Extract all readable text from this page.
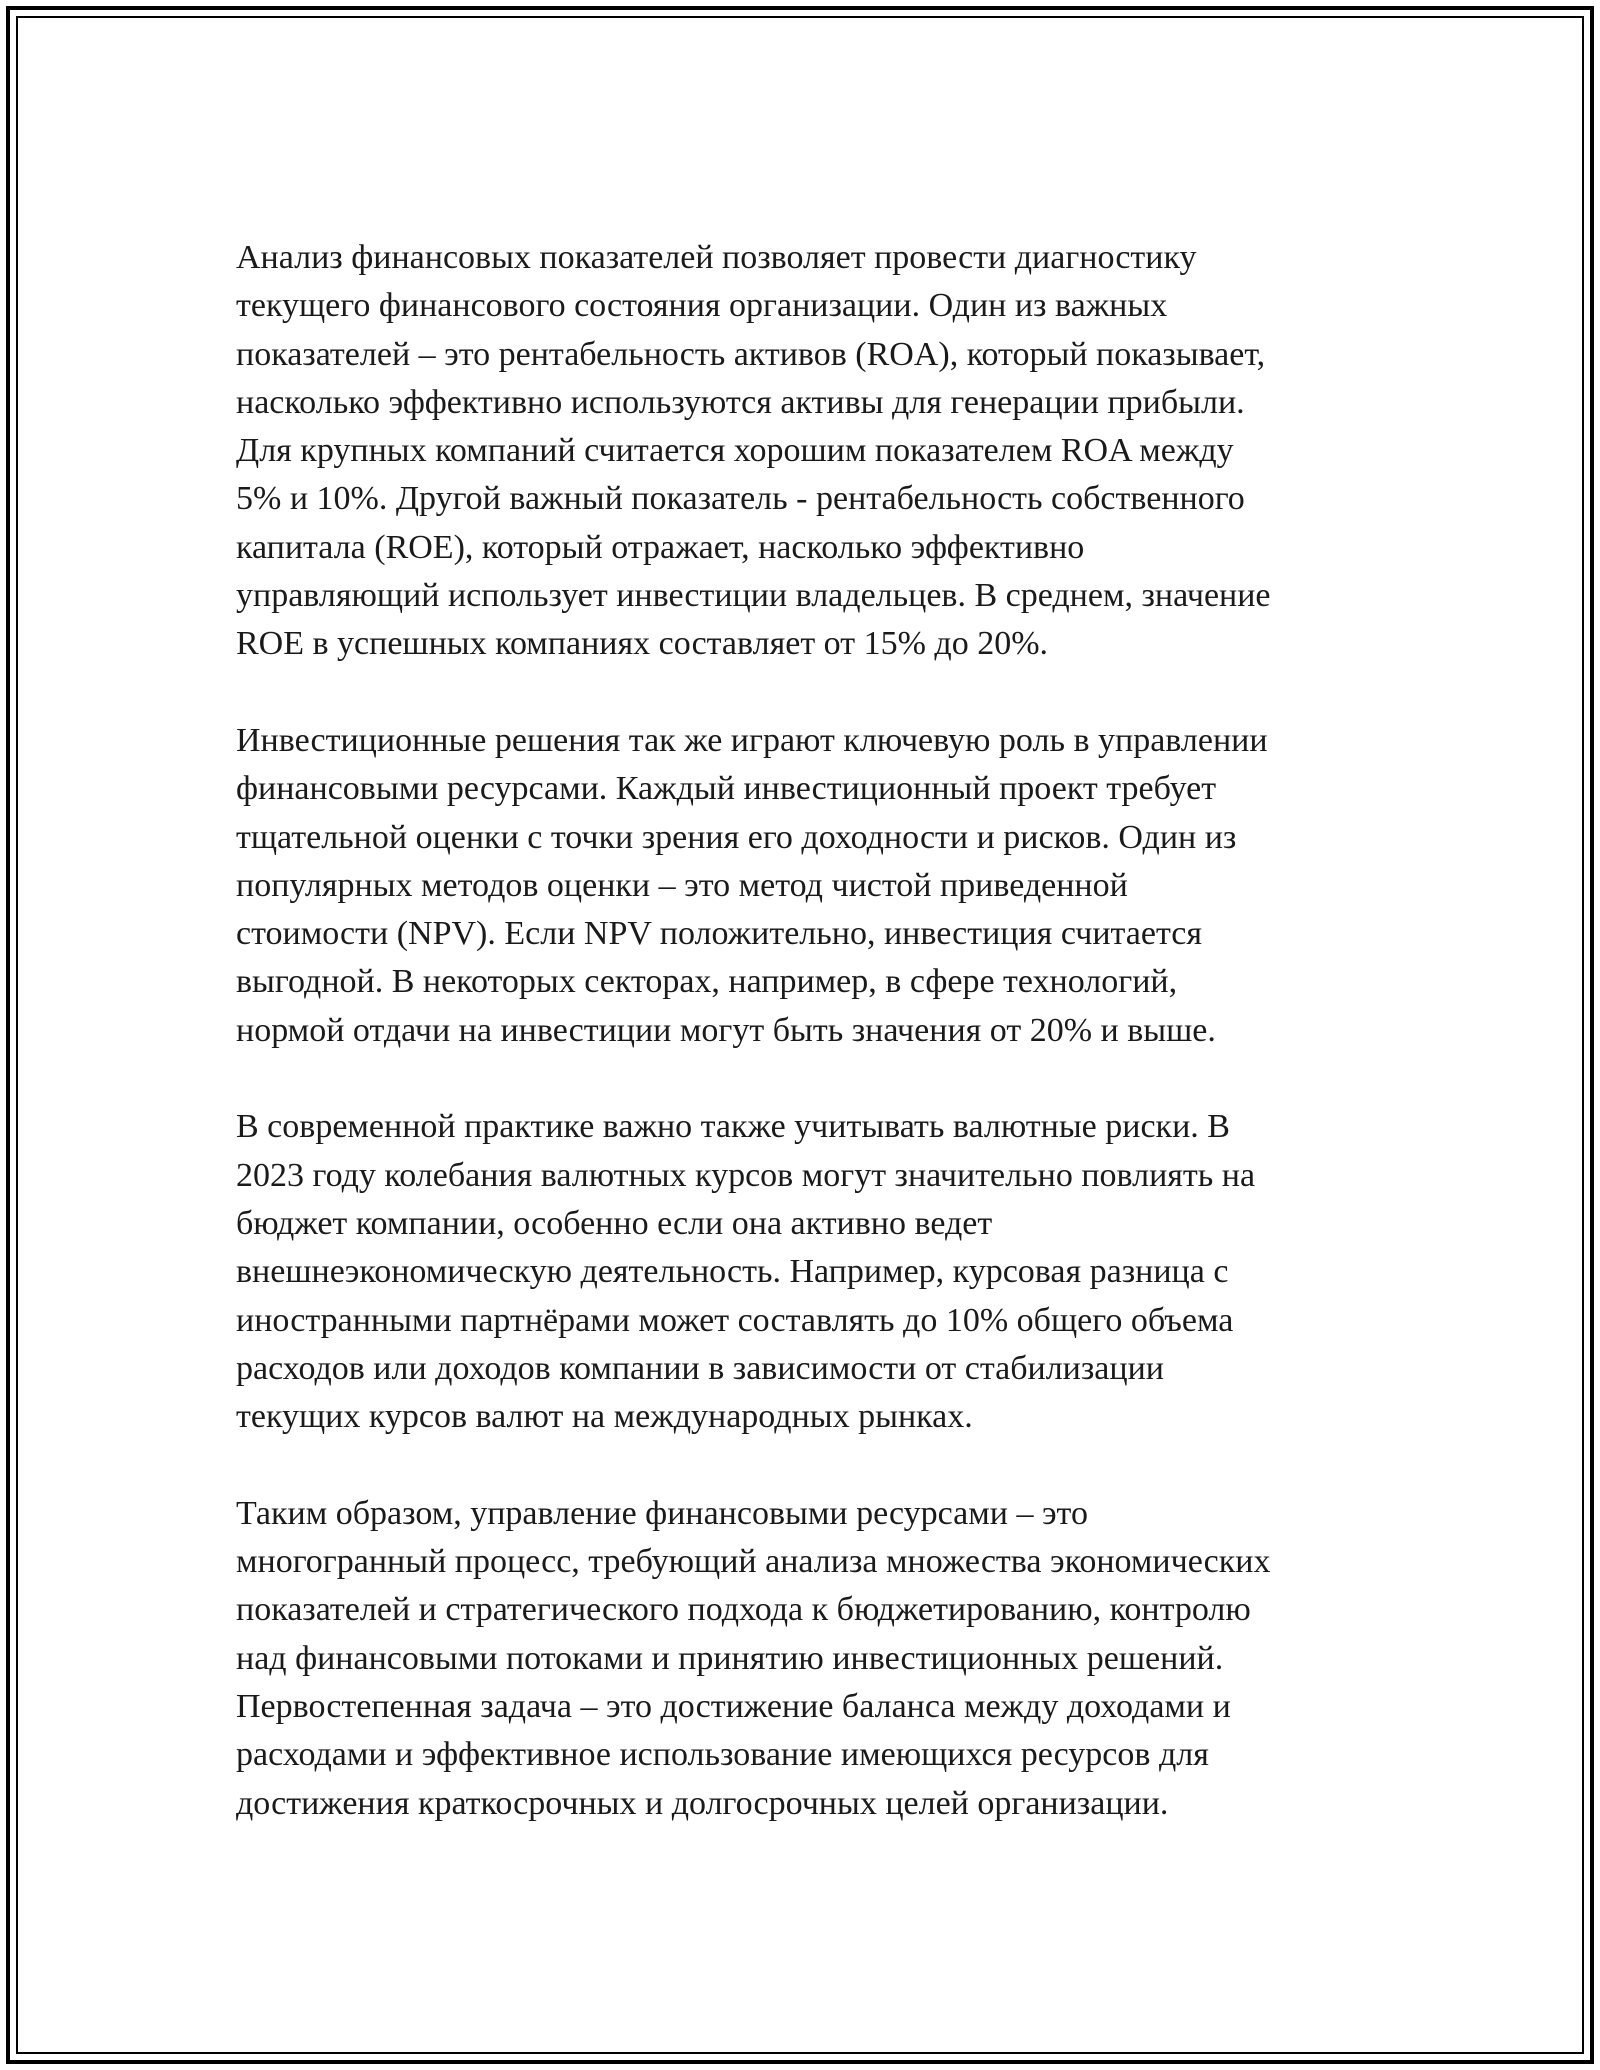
Анализ финансовых показателей позволяет провести диагностику
текущего финансового состояния организации. Один из важных
показателей – это рентабельность активов (ROA), который показывает,
насколько эффективно используются активы для генерации прибыли.
Для крупных компаний считается хорошим показателем ROA между
5% и 10%. Другой важный показатель - рентабельность собственного
капитала (ROE), который отражает, насколько эффективно
управляющий использует инвестиции владельцев. В среднем, значение
ROE в успешных компаниях составляет от 15% до 20%.

Инвестиционные решения так же играют ключевую роль в управлении
финансовыми ресурсами. Каждый инвестиционный проект требует
тщательной оценки с точки зрения его доходности и рисков. Один из
популярных методов оценки – это метод чистой приведенной
стоимости (NPV). Если NPV положительно, инвестиция считается
выгодной. В некоторых секторах, например, в сфере технологий,
нормой отдачи на инвестиции могут быть значения от 20% и выше.

В современной практике важно также учитывать валютные риски. В
2023 году колебания валютных курсов могут значительно повлиять на
бюджет компании, особенно если она активно ведет
внешнеэкономическую деятельность. Например, курсовая разница с
иностранными партнёрами может составлять до 10% общего объема
расходов или доходов компании в зависимости от стабилизации
текущих курсов валют на международных рынках.

Таким образом, управление финансовыми ресурсами – это
многогранный процесс, требующий анализа множества экономических
показателей и стратегического подхода к бюджетированию, контролю
над финансовыми потоками и принятию инвестиционных решений.
Первостепенная задача – это достижение баланса между доходами и
расходами и эффективное использование имеющихся ресурсов для
достижения краткосрочных и долгосрочных целей организации.
